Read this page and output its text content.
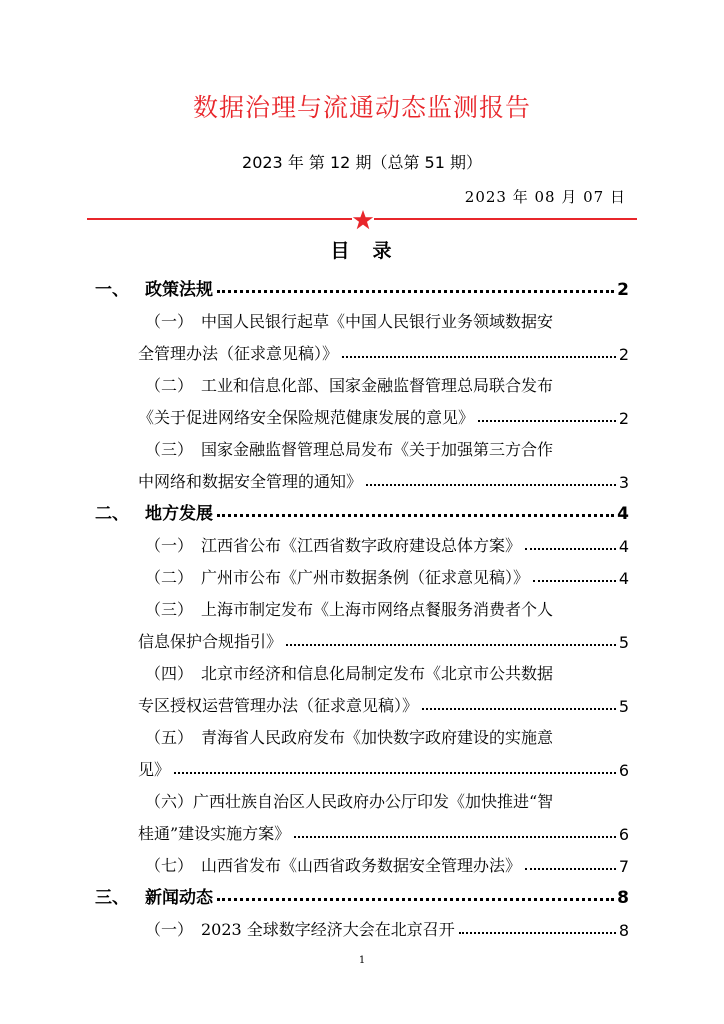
数据治理与流通动态监测报告
2023 年 第 12 期（总第 51 期）
2023 年 08 月 07 日
目　录
一、 政策法规	2
（一）　中国人民银行起草《中国人民银行业务领域数据安
全管理办法（征求意见稿）》	2
（二）　工业和信息化部、国家金融监督管理总局联合发布
《关于促进网络安全保险规范健康发展的意见》	2
（三）　国家金融监督管理总局发布《关于加强第三方合作
中网络和数据安全管理的通知》	3
二、 地方发展	4
（一）　江西省公布《江西省数字政府建设总体方案》	4
（二）　广州市公布《广州市数据条例（征求意见稿）》	4
（三）　上海市制定发布《上海市网络点餐服务消费者个人
信息保护合规指引》	5
（四）　北京市经济和信息化局制定发布《北京市公共数据
专区授权运营管理办法（征求意见稿）》	5
（五）　青海省人民政府发布《加快数字政府建设的实施意
见》	6
（六）广西壮族自治区人民政府办公厅印发《加快推进“智
桂通”建设实施方案》	6
（七）　山西省发布《山西省政务数据安全管理办法》	7
三、 新闻动态	8
（一）　2023 全球数字经济大会在北京召开	8
1
